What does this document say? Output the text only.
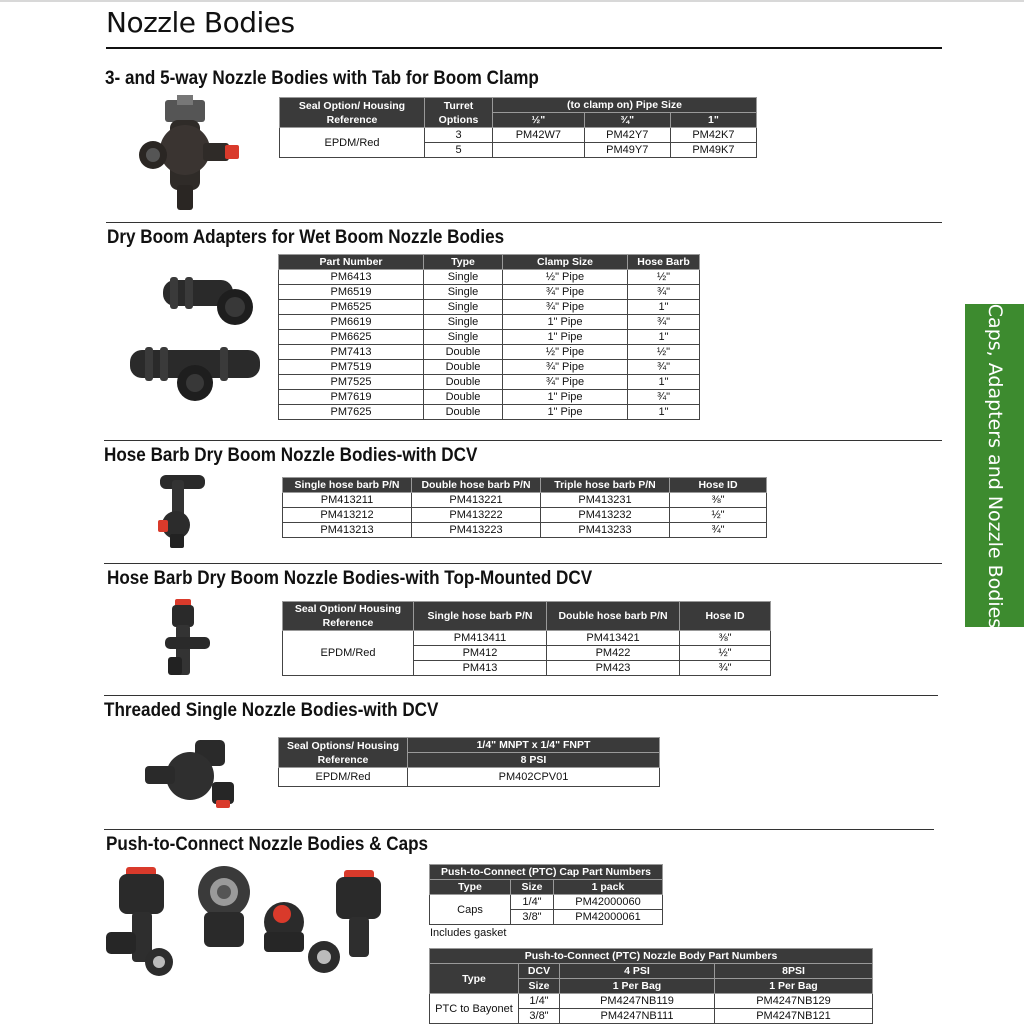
Nozzle Bodies
Caps, Adapters and Nozzle Bodies
3- and 5-way Nozzle Bodies with Tab for Boom Clamp
Seal Option/ Housing Reference	Turret Options	(to clamp on) Pipe Size		
		½"	¾"	1"
EPDM/Red	3	PM42W7	PM42Y7	PM42K7
	5		PM49Y7	PM49K7
Dry Boom Adapters for Wet Boom Nozzle Bodies
Part Number	Type	Clamp Size	Hose Barb
PM6413	Single	½" Pipe	½"
PM6519	Single	¾" Pipe	¾"
PM6525	Single	¾" Pipe	1"
PM6619	Single	1" Pipe	¾"
PM6625	Single	1" Pipe	1"
PM7413	Double	½" Pipe	½"
PM7519	Double	¾" Pipe	¾"
PM7525	Double	¾" Pipe	1"
PM7619	Double	1" Pipe	¾"
PM7625	Double	1" Pipe	1"
Hose Barb Dry Boom Nozzle Bodies-with DCV
Single hose barb P/N	Double hose barb P/N	Triple hose barb P/N	Hose ID
PM413211	PM413221	PM413231	⅜"
PM413212	PM413222	PM413232	½"
PM413213	PM413223	PM413233	¾"
Hose Barb Dry Boom Nozzle Bodies-with Top-Mounted DCV
Seal Option/ Housing Reference	Single hose barb P/N	Double hose barb P/N	Hose ID
EPDM/Red	PM413411	PM413421	⅜"
	PM412	PM422	½"
	PM413	PM423	¾"
Threaded Single Nozzle Bodies-with DCV
Seal Options/ Housing Reference	1/4" MNPT x 1/4" FNPT
	8 PSI
EPDM/Red	PM402CPV01
Push-to-Connect Nozzle Bodies & Caps
Push-to-Connect (PTC) Cap Part Numbers		
Type	Size	1 pack
Caps	1/4"	PM42000060
	3/8"	PM42000061
Includes gasket
Push-to-Connect (PTC) Nozzle Body Part Numbers			
Type	DCV	4 PSI	8PSI
	Size	1 Per Bag	1 Per Bag
PTC to Bayonet	1/4"	PM4247NB119	PM4247NB129
	3/8"	PM4247NB111	PM4247NB121
